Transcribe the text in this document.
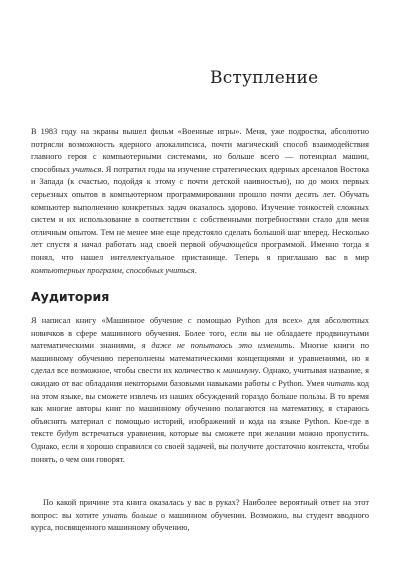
Вступление

В 1983 году на экраны вышел фильм «Военные игры». Меня, уже подростка, абсолютно потрясли возможность ядерного апокалипсиса, почти магический способ взаимодействия главного героя с компьютерными системами, но больше всего — потенциал машин, способных учиться. Я потратил годы на изучение стратегических ядерных арсеналов Востока и Запада (к счастью, подойдя к этому с почти детской наивностью), но до моих первых серьезных опытов в компьютерном программировании прошло почти десять лет. Обучать компьютер выполнению конкретных задач оказалось здорово. Изучение тонкостей сложных систем и их использование в соответствии с собственными потребностями стало для меня отличным опытом. Тем не менее мне еще предстояло сделать большой шаг вперед. Несколько лет спустя я начал работать над своей первой обучающейся программой. Именно тогда я понял, что нашел интеллектуальное пристанище. Теперь я приглашаю вас в мир компьютерных программ, способных учиться.

Аудитория

Я написал книгу «Машинное обучение с помощью Python для всех» для абсолютных новичков в сфере машинного обучения. Более того, если вы не обладаете продвинутыми математическими знаниями, я даже не попытаюсь это изменить. Многие книги по машинному обучению переполнены математическими концепциями и уравнениями, но я сделал все возможное, чтобы свести их количество к минимуму. Однако, учитывая название, я ожидаю от вас обладания некоторыми базовыми навыками работы с Python. Умея читать код на этом языке, вы сможете извлечь из наших обсуждений гораздо больше пользы. В то время как многие авторы книг по машинному обучению полагаются на математику, я стараюсь объяснять материал с помощью историй, изображений и кода на языке Python. Кое-где в тексте будут встречаться уравнения, которые вы сможете при желании можно пропустить. Однако, если я хорошо справился со своей задачей, вы получите достаточно контекста, чтобы понять, о чем они говорят.

По какой причине эта книга оказалась у вас в руках? Наиболее вероятный ответ на этот вопрос: вы хотите узнать больше о машинном обучении. Возможно, вы студент вводного курса, посвященного машинному обучению,
